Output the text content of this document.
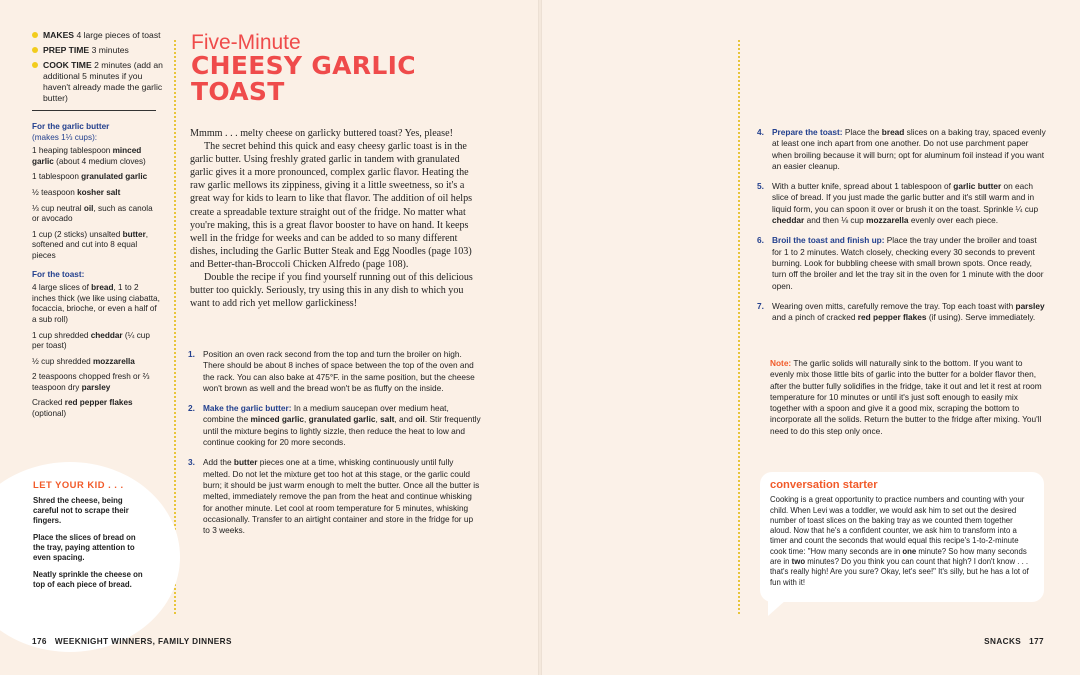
MAKES 4 large pieces of toast
PREP TIME 3 minutes
COOK TIME 2 minutes (add an additional 5 minutes if you haven't already made the garlic butter)
For the garlic butter
(makes 1⅓ cups):
1 heaping tablespoon minced garlic (about 4 medium cloves)
1 tablespoon granulated garlic
½ teaspoon kosher salt
⅓ cup neutral oil, such as canola or avocado
1 cup (2 sticks) unsalted butter, softened and cut into 8 equal pieces
For the toast:
4 large slices of bread, 1 to 2 inches thick (we like using ciabatta, focaccia, brioche, or even a half of a sub roll)
1 cup shredded cheddar (¼ cup per toast)
½ cup shredded mozzarella
2 teaspoons chopped fresh or ⅔ teaspoon dry parsley
Cracked red pepper flakes (optional)
LET YOUR KID . . .

Shred the cheese, being careful not to scrape their fingers.

Place the slices of bread on the tray, paying attention to even spacing.

Neatly sprinkle the cheese on top of each piece of bread.

Five-Minute
CHEESY GARLIC TOAST

Mmmm . . . melty cheese on garlicky buttered toast? Yes, please!

The secret behind this quick and easy cheesy garlic toast is in the garlic butter. Using freshly grated garlic in tandem with granulated garlic gives it a more pronounced, complex garlic flavor. Heating the raw garlic mellows its zippiness, giving it a little sweetness, so it's a great way for kids to learn to like that flavor. The addition of oil helps create a spreadable texture straight out of the fridge. No matter what you're making, this is a great flavor booster to have on hand. It keeps well in the fridge for weeks and can be added to so many different dishes, including the Garlic Butter Steak and Egg Noodles (page 103) and Better-than-Broccoli Chicken Alfredo (page 108).

Double the recipe if you find yourself running out of this delicious butter too quickly. Seriously, try using this in any dish to which you want to add rich yet mellow garlickiness!

1. Position an oven rack second from the top and turn the broiler on high. There should be about 8 inches of space between the top of the oven and the rack. You can also bake at 475°F. in the same position, but the cheese won't brown as well and the bread won't be as fluffy on the inside.
2. Make the garlic butter: In a medium saucepan over medium heat, combine the minced garlic, granulated garlic, salt, and oil. Stir frequently until the mixture begins to lightly sizzle, then reduce the heat to low and continue cooking for 20 more seconds.
3. Add the butter pieces one at a time, whisking continuously until fully melted. Do not let the mixture get too hot at this stage, or the garlic could burn; it should be just warm enough to melt the butter. Once all the butter is melted, immediately remove the pan from the heat and continue whisking for another minute. Let cool at room temperature for 5 minutes, whisking occasionally. Transfer to an airtight container and store in the fridge for up to 3 weeks.
4. Prepare the toast: Place the bread slices on a baking tray, spaced evenly at least one inch apart from one another. Do not use parchment paper when broiling because it will burn; opt for aluminum foil instead if you want an easier cleanup.
5. With a butter knife, spread about 1 tablespoon of garlic butter on each slice of bread. If you just made the garlic butter and it's still warm and in liquid form, you can spoon it over or brush it on the toast. Sprinkle ¼ cup cheddar and then ⅛ cup mozzarella evenly over each piece.
6. Broil the toast and finish up: Place the tray under the broiler and toast for 1 to 2 minutes. Watch closely, checking every 30 seconds to prevent burning. Look for bubbling cheese with small brown spots. Once ready, turn off the broiler and let the tray sit in the oven for 1 minute with the door open.
7. Wearing oven mitts, carefully remove the tray. Top each toast with parsley and a pinch of cracked red pepper flakes (if using). Serve immediately.
Note: The garlic solids will naturally sink to the bottom. If you want to evenly mix those little bits of garlic into the butter for a bolder flavor then, after the butter fully solidifies in the fridge, take it out and let it rest at room temperature for 10 minutes or until it's just soft enough to easily mix together with a spoon and give it a good mix, scraping the bottom to incorporate all the solids. Return the butter to the fridge after mixing. You'll need to do this step only once.
conversation starter
Cooking is a great opportunity to practice numbers and counting with your child. When Levi was a toddler, we would ask him to set out the desired number of toast slices on the baking tray as we counted them together aloud. Now that he's a confident counter, we ask him to transform into a timer and count the seconds that would equal this recipe's 1-to-2-minute cook time: "How many seconds are in one minute? So how many seconds are in two minutes? Do you think you can count that high? I don't know . . . that's really high! Are you sure? Okay, let's see!" It's silly, but he has a lot of fun with it!
176 WEEKNIGHT WINNERS, FAMILY DINNERS	SNACKS 177
